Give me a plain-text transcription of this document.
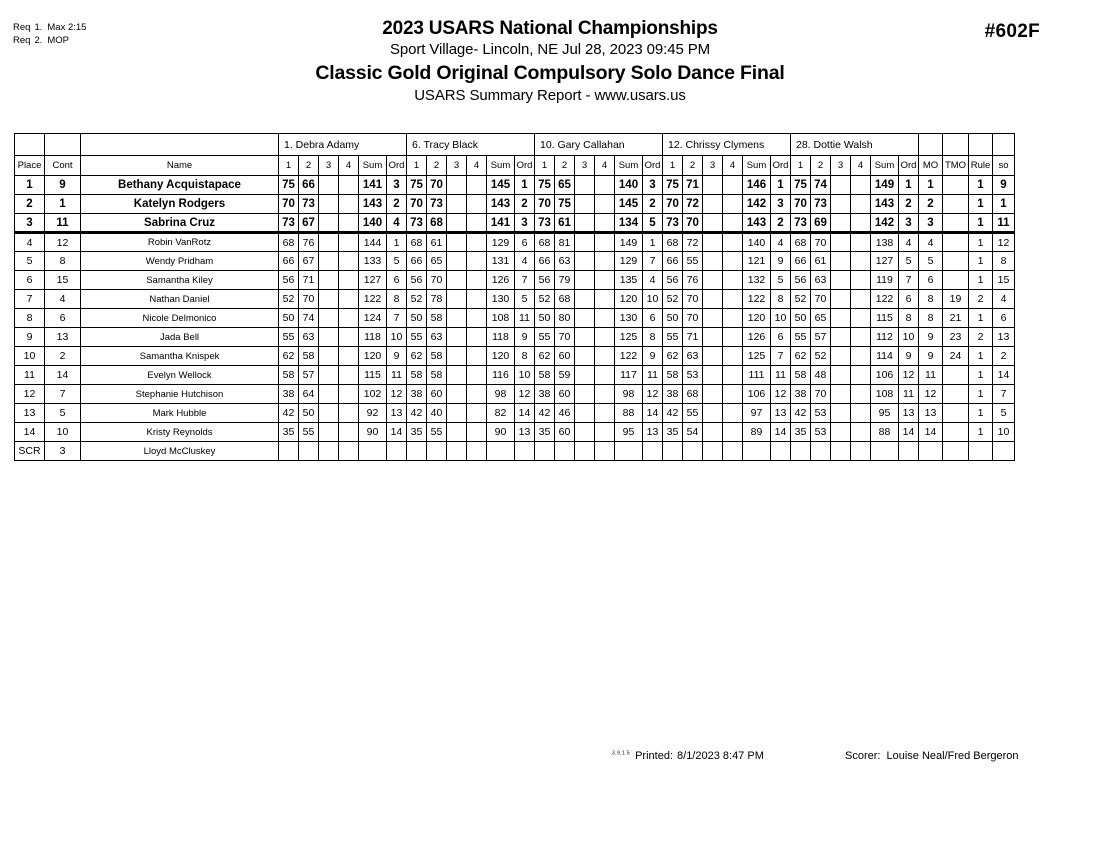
Req 1. Max 2:15
Req 2. MOP
2023 USARS National Championships
Sport Village- Lincoln, NE Jul 28, 2023 09:45 PM
Classic Gold Original Compulsory Solo Dance Final
USARS Summary Report - www.usars.us
#602F
			1. Debra Adamy						6. Tracy Black						10. Gary Callahan						12. Chrissy Clymens						28. Dottie Walsh									
Place	Cont	Name	1	2	3	4	Sum	Ord	1	2	3	4	Sum	Ord	1	2	3	4	Sum	Ord	1	2	3	4	Sum	Ord	1	2	3	4	Sum	Ord	MO	TMO	Rule	so
1	9	Bethany Acquistapace	75	66			141	3	75	70			145	1	75	65			140	3	75	71			146	1	75	74			149	1	1		1	9
2	1	Katelyn Rodgers	70	73			143	2	70	73			143	2	70	75			145	2	70	72			142	3	70	73			143	2	2		1	1
3	11	Sabrina Cruz	73	67			140	4	73	68			141	3	73	61			134	5	73	70			143	2	73	69			142	3	3		1	11
4	12	Robin VanRotz	68	76			144	1	68	61			129	6	68	81			149	1	68	72			140	4	68	70			138	4	4		1	12
5	8	Wendy Pridham	66	67			133	5	66	65			131	4	66	63			129	7	66	55			121	9	66	61			127	5	5		1	8
6	15	Samantha Kiley	56	71			127	6	56	70			126	7	56	79			135	4	56	76			132	5	56	63			119	7	6		1	15
7	4	Nathan Daniel	52	70			122	8	52	78			130	5	52	68			120	10	52	70			122	8	52	70			122	6	8	19	2	4
8	6	Nicole Delmonico	50	74			124	7	50	58			108	11	50	80			130	6	50	70			120	10	50	65			115	8	8	21	1	6
9	13	Jada Bell	55	63			118	10	55	63			118	9	55	70			125	8	55	71			126	6	55	57			112	10	9	23	2	13
10	2	Samantha Knispek	62	58			120	9	62	58			120	8	62	60			122	9	62	63			125	7	62	52			114	9	9	24	1	2
11	14	Evelyn Wellock	58	57			115	11	58	58			116	10	58	59			117	11	58	53			111	11	58	48			106	12	11		1	14
12	7	Stephanie Hutchison	38	64			102	12	38	60			98	12	38	60			98	12	38	68			106	12	38	70			108	11	12		1	7
13	5	Mark Hubble	42	50			92	13	42	40			82	14	42	46			88	14	42	55			97	13	42	53			95	13	13		1	5
14	10	Kristy Reynolds	35	55			90	14	35	55			90	13	35	60			95	13	35	54			89	14	35	53			88	14	14		1	10
SCR	3	Lloyd McCluskey																																		
$^{3.9.1.5}$ Printed: 8/1/2023 8:47 PM	Scorer: Louise Neal/Fred Bergeron
